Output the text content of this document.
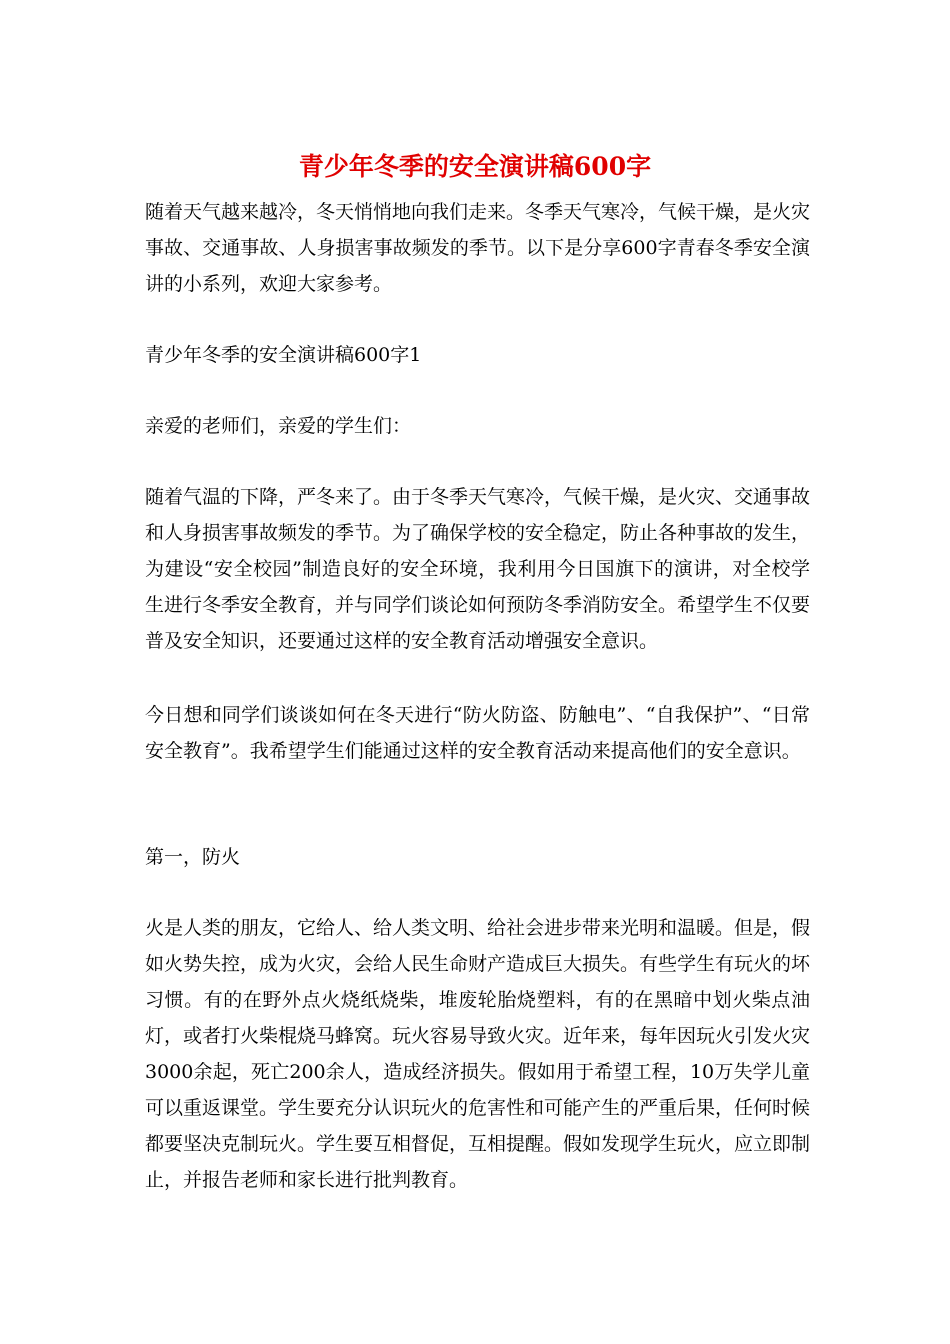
青少年冬季的安全演讲稿600字

随着天气越来越冷，冬天悄悄地向我们走来。冬季天气寒冷，气候干燥，是火灾事故、交通事故、人身损害事故频发的季节。以下是分享600字青春冬季安全演讲的小系列，欢迎大家参考。

青少年冬季的安全演讲稿600字1

亲爱的老师们，亲爱的学生们：

随着气温的下降，严冬来了。由于冬季天气寒冷，气候干燥，是火灾、交通事故和人身损害事故频发的季节。为了确保学校的安全稳定，防止各种事故的发生，为建设“安全校园”制造良好的安全环境，我利用今日国旗下的演讲，对全校学生进行冬季安全教育，并与同学们谈论如何预防冬季消防安全。希望学生不仅要普及安全知识，还要通过这样的安全教育活动增强安全意识。

今日想和同学们谈谈如何在冬天进行“防火防盗、防触电”、“自我保护”、“日常安全教育”。我希望学生们能通过这样的安全教育活动来提高他们的安全意识。

第一，防火

火是人类的朋友，它给人、给人类文明、给社会进步带来光明和温暖。但是，假如火势失控，成为火灾，会给人民生命财产造成巨大损失。有些学生有玩火的坏习惯。有的在野外点火烧纸烧柴，堆废轮胎烧塑料，有的在黑暗中划火柴点油灯，或者打火柴棍烧马蜂窝。玩火容易导致火灾。近年来，每年因玩火引发火灾3000余起，死亡200余人，造成经济损失。假如用于希望工程，10万失学儿童可以重返课堂。学生要充分认识玩火的危害性和可能产生的严重后果，任何时候都要坚决克制玩火。学生要互相督促，互相提醒。假如发现学生玩火，应立即制止，并报告老师和家长进行批判教育。
